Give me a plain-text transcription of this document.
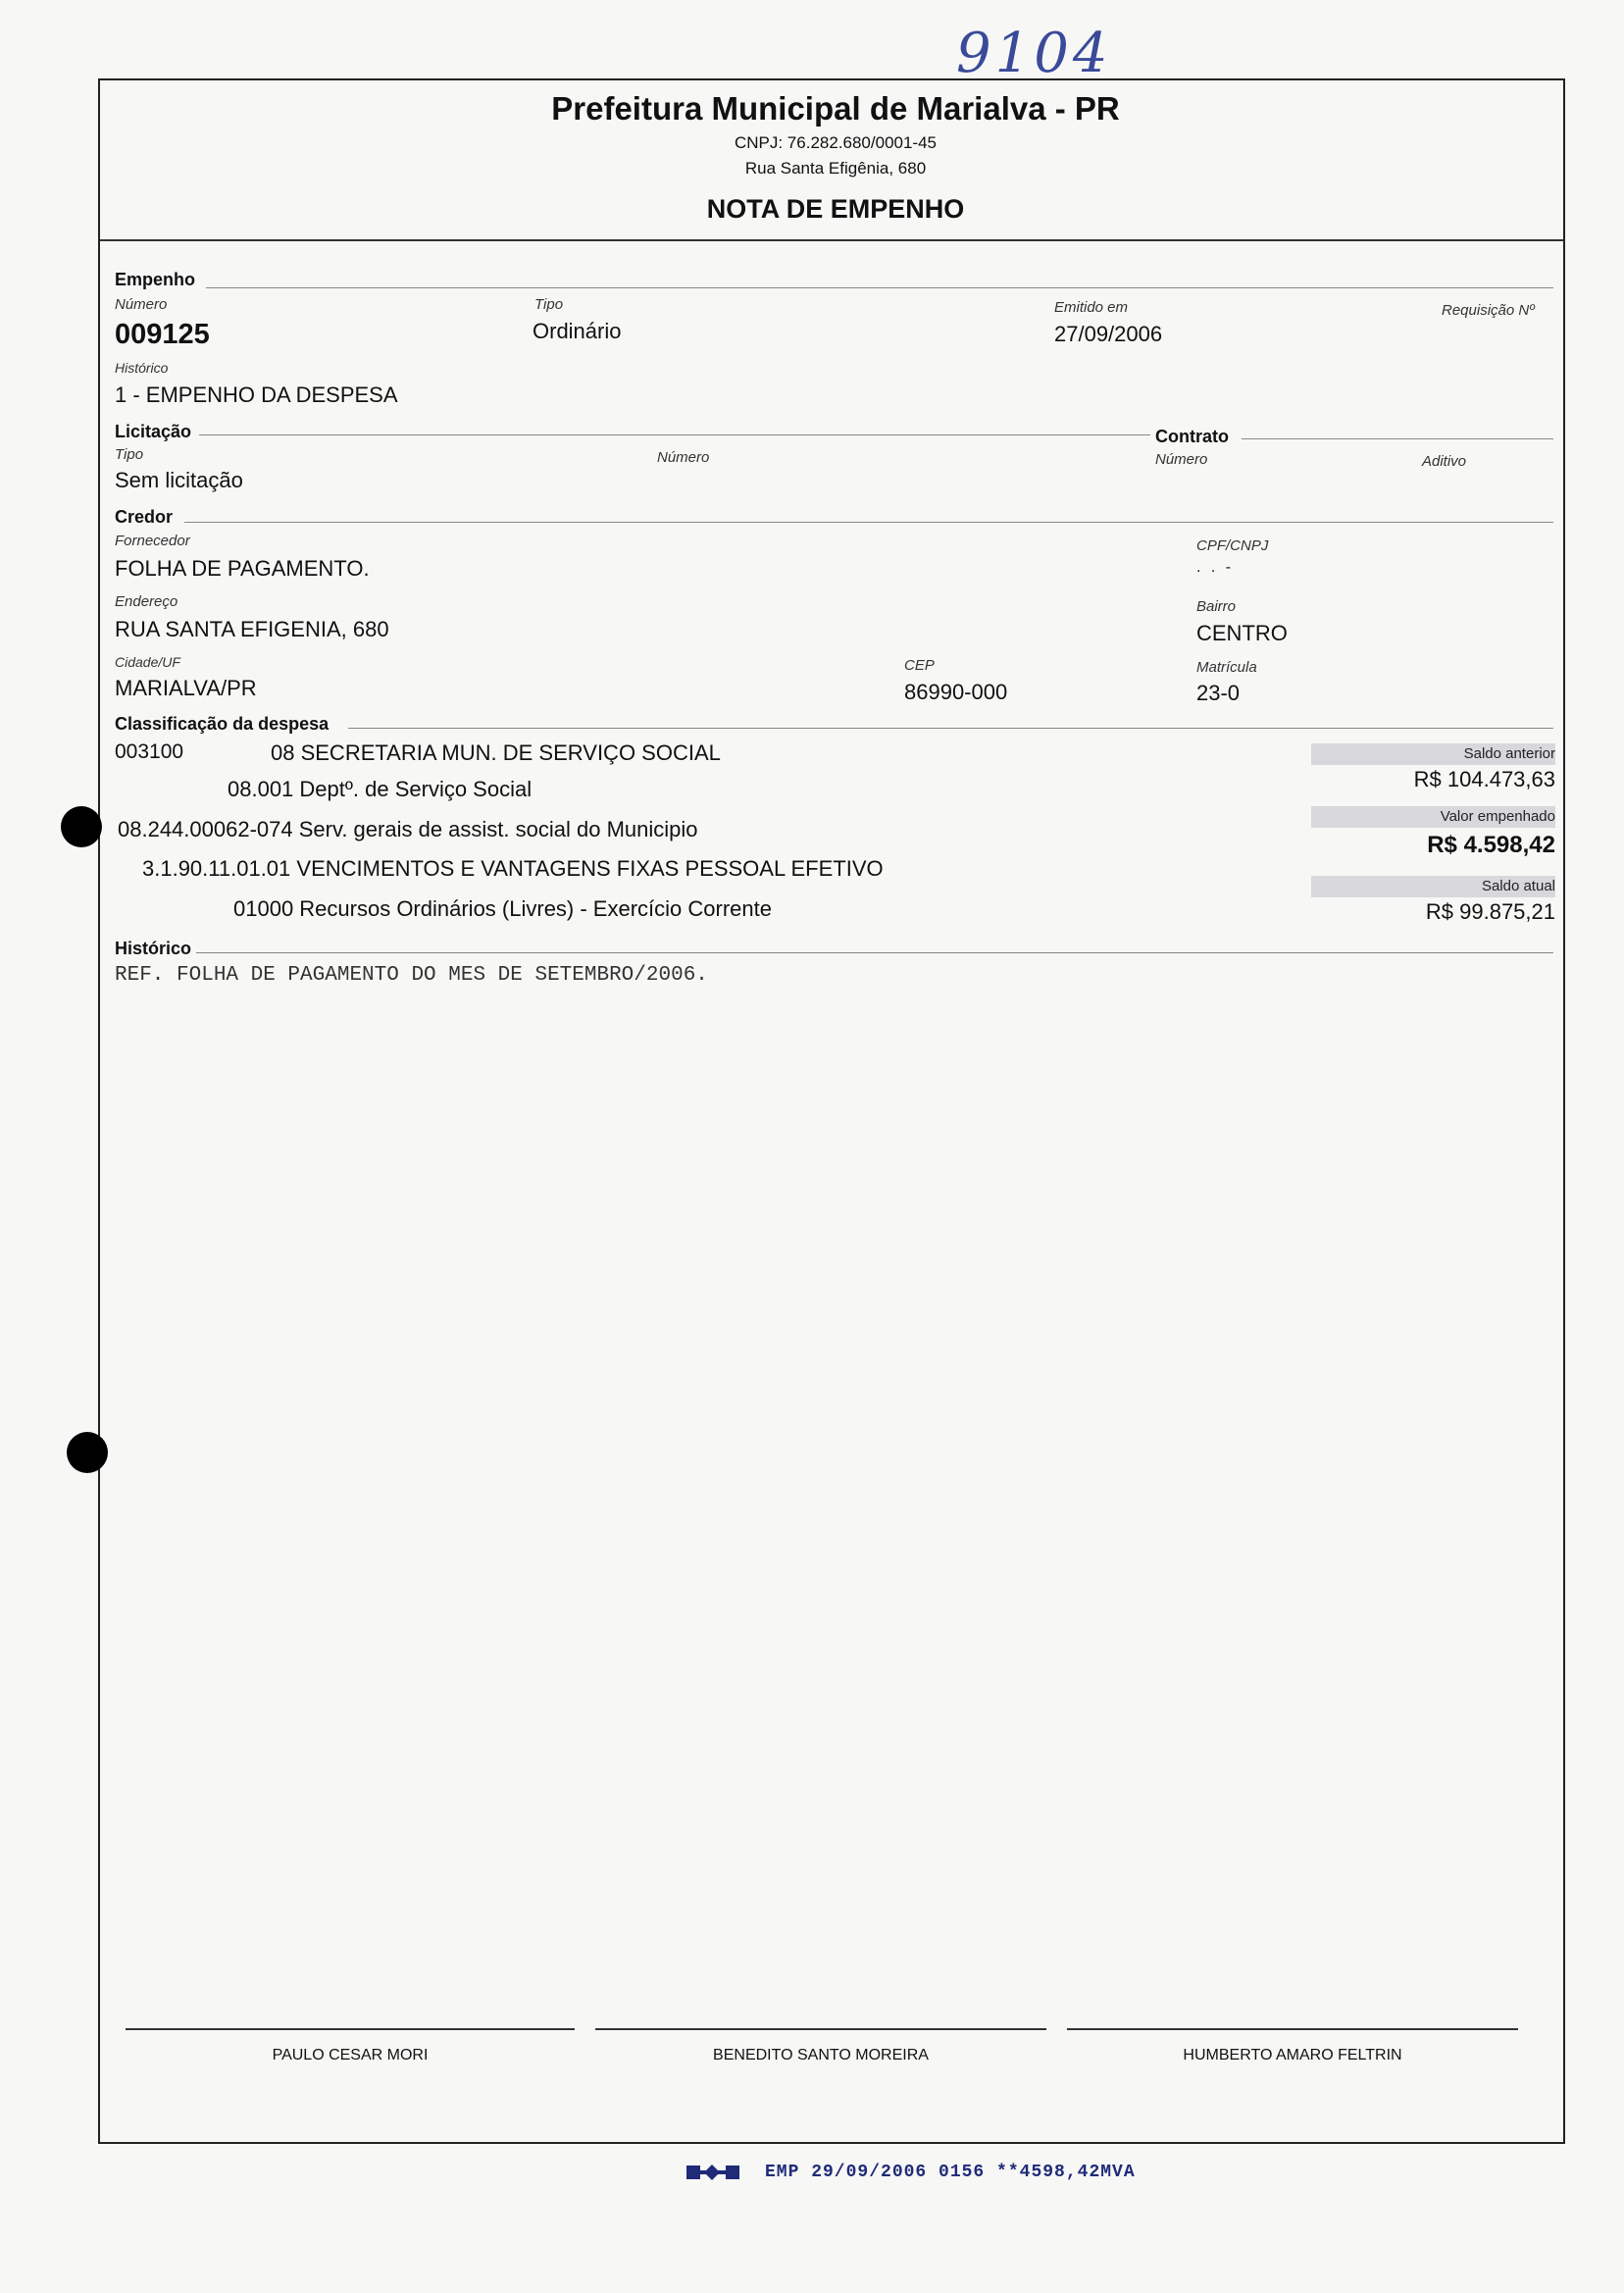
9104
Prefeitura Municipal de Marialva - PR
CNPJ: 76.282.680/0001-45
Rua Santa Efigênia, 680
NOTA DE EMPENHO
Empenho
Número
009125
Tipo
Ordinário
Emitido em
27/09/2006
Requisição Nº
Histórico
1 - EMPENHO DA DESPESA
Licitação
Tipo
Sem licitação
Número
Contrato
Número	Aditivo
Credor
Fornecedor
FOLHA DE PAGAMENTO.
CPF/CNPJ
. . -
Endereço
RUA SANTA EFIGENIA, 680
Bairro
CENTRO
Cidade/UF
MARIALVA/PR
CEP
86990-000
Matrícula
23-0
Classificação da despesa
003100	08 SECRETARIA MUN. DE SERVIÇO SOCIAL
08.001 Deptº. de Serviço Social
08.244.00062-074 Serv. gerais de assist. social do Municipio
3.1.90.11.01.01 VENCIMENTOS E VANTAGENS FIXAS PESSOAL EFETIVO
01000 Recursos Ordinários (Livres) - Exercício Corrente
Saldo anterior
R$ 104.473,63
Valor empenhado
R$ 4.598,42
Saldo atual
R$ 99.875,21
Histórico
REF. FOLHA DE PAGAMENTO DO MES DE SETEMBRO/2006.
PAULO CESAR MORI	BENEDITO SANTO MOREIRA	HUMBERTO AMARO FELTRIN
EMP 29/09/2006 0156 **4598,42MVA
